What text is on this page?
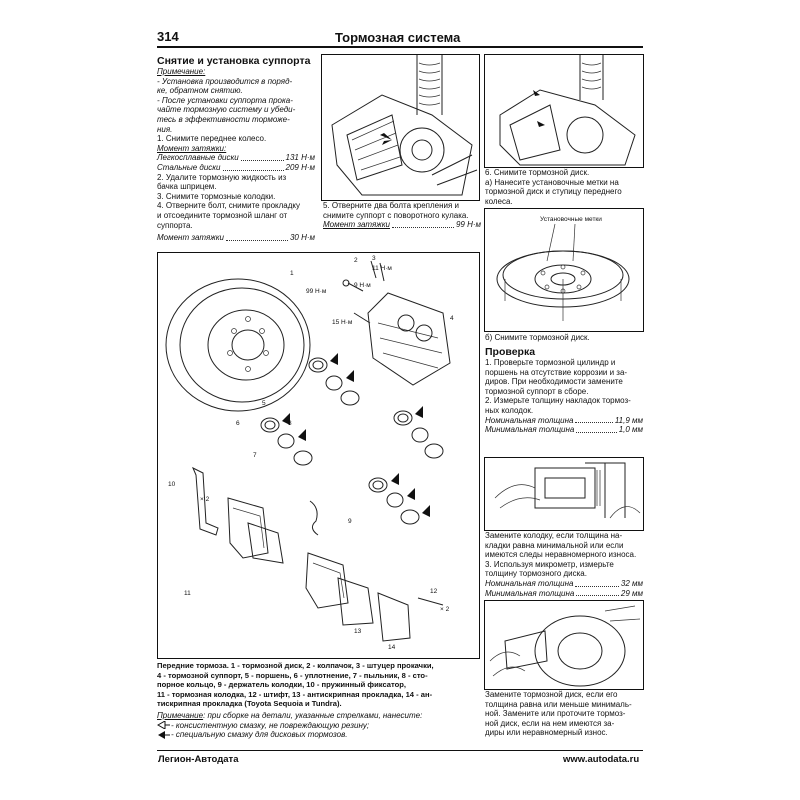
314	Тормозная система
Снятие и установка суппорта
Примечание:
- Установка производится в поряд-
ке, обратном снятию.
- После установки суппорта прока-
чайте тормозную систему и убеди-
тесь в эффективности торможе-
ния.
1. Снимите переднее колесо.
Момент затяжки:
Легкосплавные диски	131 Н·м
Стальные диски	209 Н·м
2. Удалите тормозную жидкость из
бачка шприцем.
3. Снимите тормозные колодки.
4. Отверните болт, снимите прокладку
и отсоедините тормозной шланг от
суппорта.
Момент затяжки	30 Н·м
5. Отверните два болта крепления и
снимите суппорт с поворотного кулака.
Момент затяжки	99 Н·м
6. Снимите тормозной диск.
а) Нанесите установочные метки на
тормозной диск и ступицу переднего
колеса.
Установочные метки
б) Снимите тормозной диск.
Проверка
1. Проверьте тормозной цилиндр и
поршень на отсутствие коррозии и за-
диров. При необходимости замените
тормозной суппорт в сборе.
2. Измерьте толщину накладок тормоз-
ных колодок.
Номинальная толщина	11,9 мм
Минимальная толщина	1,0 мм
Замените колодку, если толщина на-
кладки равна минимальной или если
имеются следы неравномерного износа.
3. Используя микрометр, измерьте
толщину тормозного диска.
Номинальная толщина	32 мм
Минимальная толщина	29 мм
Замените тормозной диск, если его
толщина равна или меньше минималь-
ной. Замените или проточите тормоз-
ной диск, если на нем имеются за-
диры или неравномерный износ.
99 Н·м
9 Н·м
11 Н·м
15 Н·м
1
2 3
4
5
6
7
8
9
10
11	12
13
14
× 2
× 2
Передние тормоза. 1 - тормозной диск, 2 - колпачок, 3 - штуцер прокачки,
4 - тормозной суппорт, 5 - поршень, 6 - уплотнение, 7 - пыльник, 8 - сто-
порное кольцо, 9 - держатель колодки, 10 - пружинный фиксатор,
11 - тормозная колодка, 12 - штифт, 13 - антискрипная прокладка, 14 - ан-
тискрипная прокладка (Toyota Sequoia и Tundra).
Примечание: при сборке на детали, указанные стрелками, нанесите:
- консистентную смазку, не повреждающую резину;
- специальную смазку для дисковых тормозов.
Легион-Автодата	www.autodata.ru
